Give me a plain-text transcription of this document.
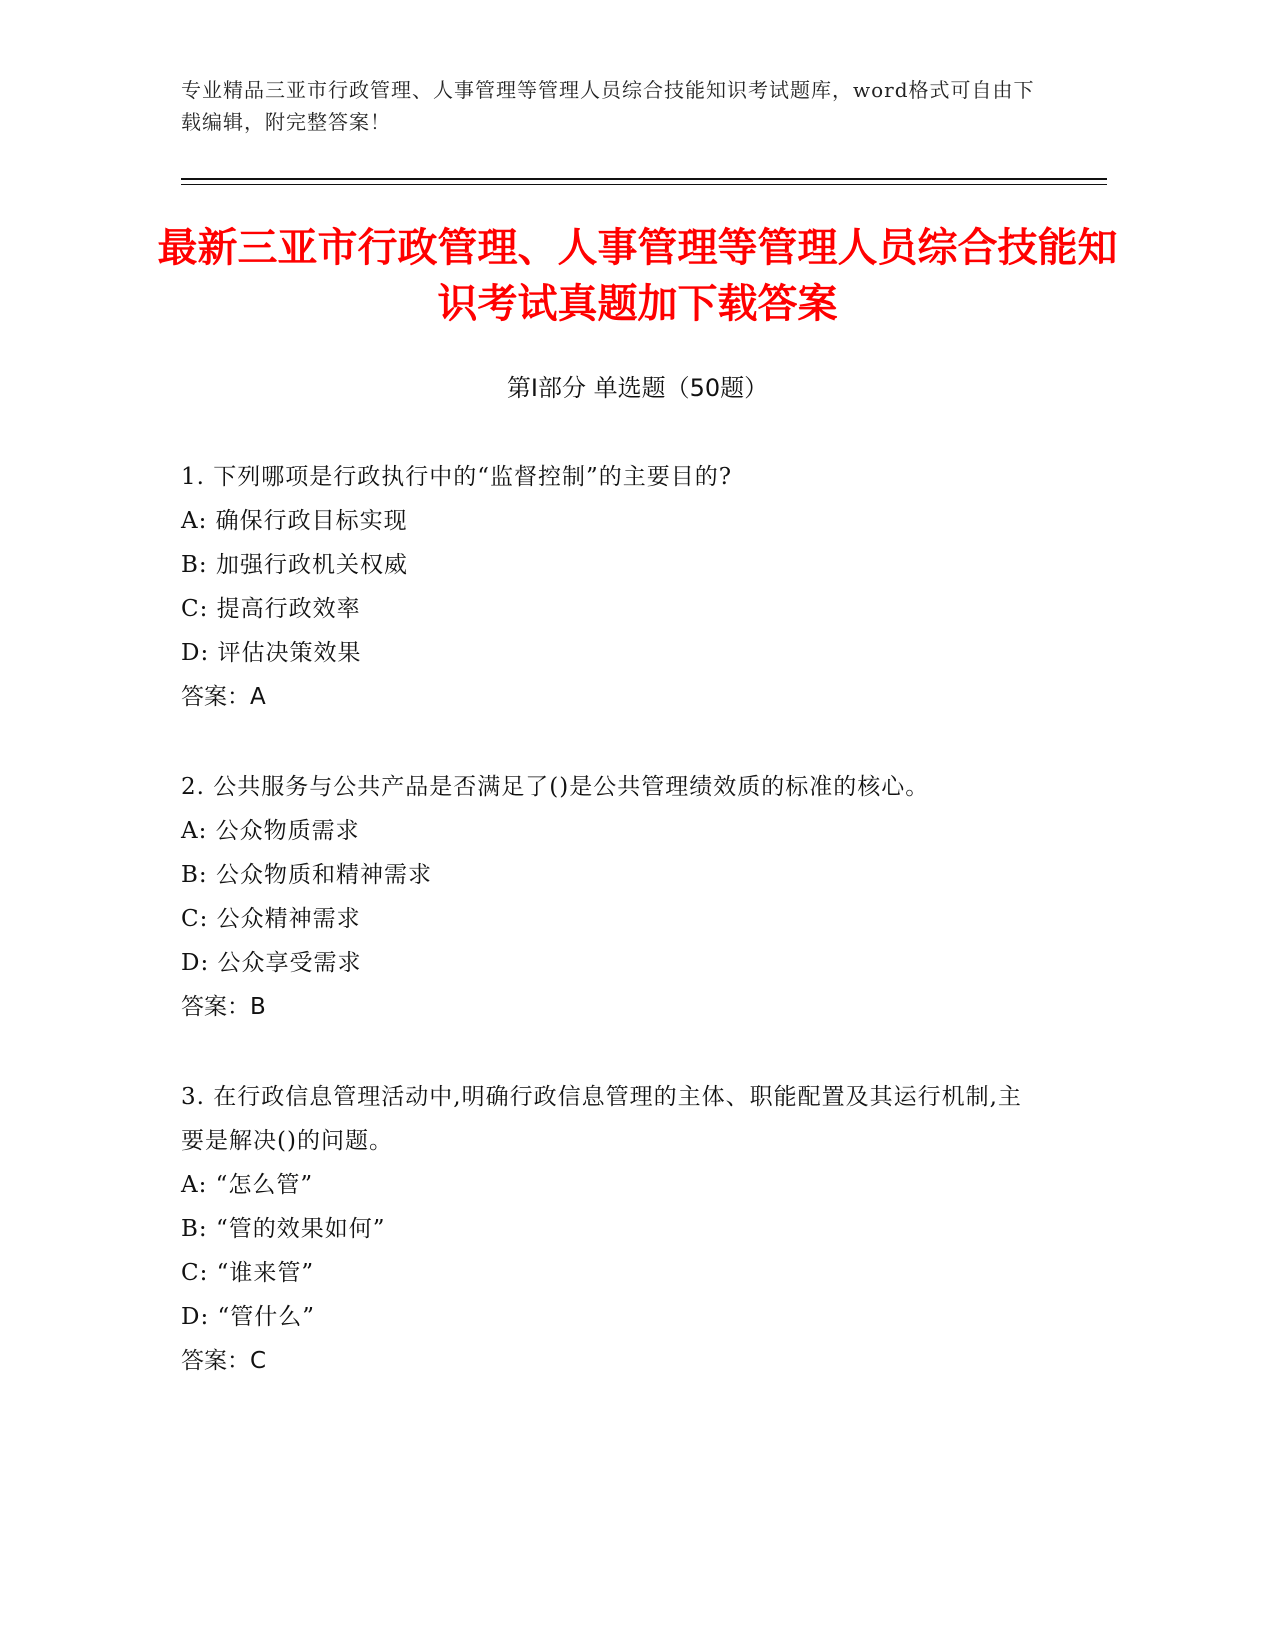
专业精品三亚市行政管理、人事管理等管理人员综合技能知识考试题库，word格式可自由下载编辑，附完整答案！
最新三亚市行政管理、人事管理等管理人员综合技能知识考试真题加下载答案
第Ⅰ部分 单选题（50题）

1. 下列哪项是行政执行中的“监督控制”的主要目的?

A: 确保行政目标实现

B: 加强行政机关权威

C: 提高行政效率

D: 评估决策效果

答案：A

2. 公共服务与公共产品是否满足了()是公共管理绩效质的标准的核心。

A: 公众物质需求

B: 公众物质和精神需求

C: 公众精神需求

D: 公众享受需求

答案：B

3. 在行政信息管理活动中,明确行政信息管理的主体、职能配置及其运行机制,主要是解决()的问题。

A: “怎么管”

B: “管的效果如何”

C: “谁来管”

D: “管什么”

答案：C
